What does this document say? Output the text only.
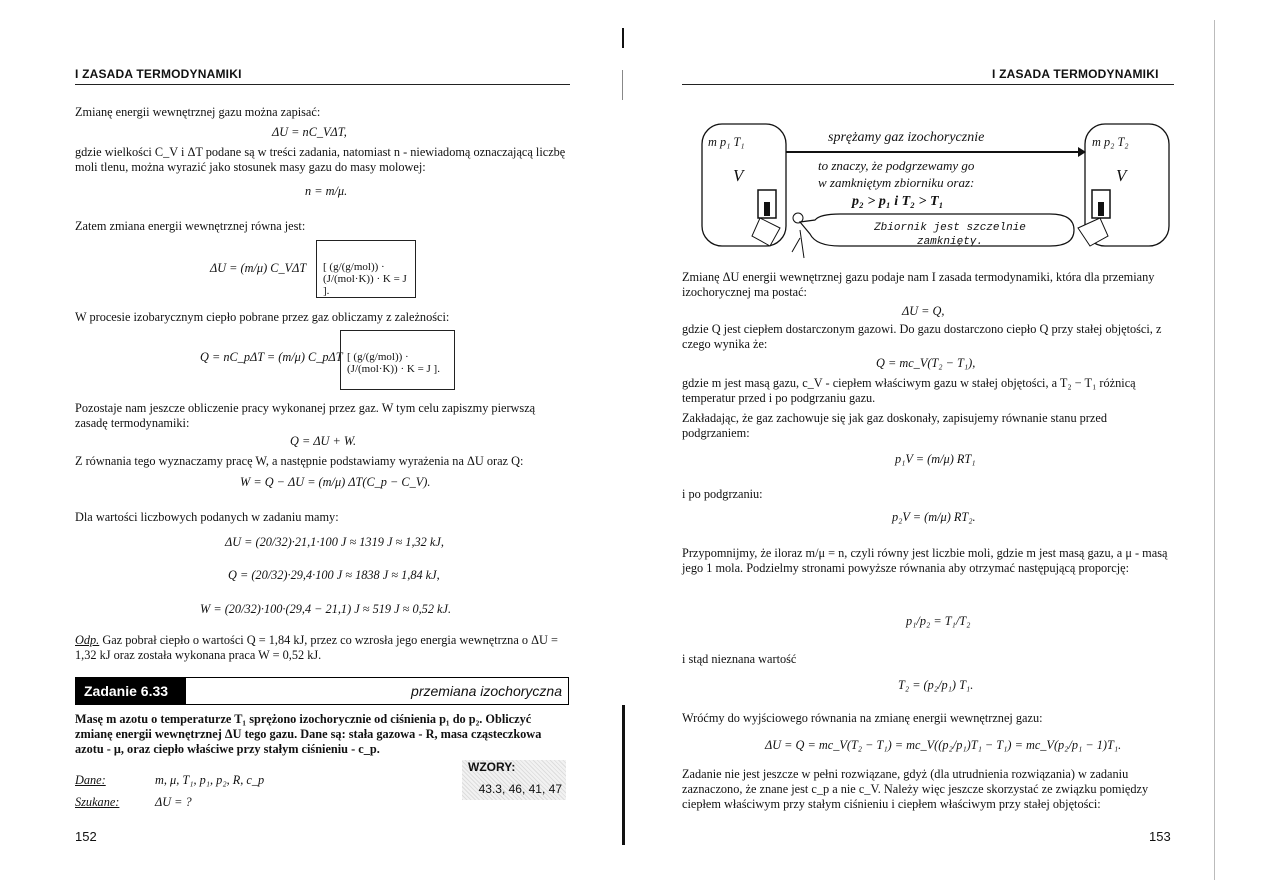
I ZASADA TERMODYNAMIKI
Zmianę energii wewnętrznej gazu można zapisać:
ΔU = nC_VΔT,
gdzie wielkości C_V i ΔT podane są w treści zadania, natomiast n - niewiadomą oznaczającą liczbę moli tlenu, można wyrazić jako stosunek masy gazu do masy molowej:
n = m/μ.
Zatem zmiana energii wewnętrznej równa jest:
ΔU = (m/μ) C_VΔT	[ (g/(g/mol)) · (J/(mol·K)) · K = J ].
W procesie izobarycznym ciepło pobrane przez gaz obliczamy z zależności:
Q = nC_pΔT = (m/μ) C_pΔT [ (g/(g/mol)) · (J/(mol·K)) · K = J ].
Pozostaje nam jeszcze obliczenie pracy wykonanej przez gaz. W tym celu zapiszmy pierwszą zasadę termodynamiki:
Q = ΔU + W.
Z równania tego wyznaczamy pracę W, a następnie podstawiamy wyrażenia na ΔU oraz Q:
W = Q − ΔU = (m/μ) ΔT(C_p − C_V).
Dla wartości liczbowych podanych w zadaniu mamy:
ΔU = (20/32)·21,1·100 J ≈ 1319 J ≈ 1,32 kJ,
Q = (20/32)·29,4·100 J ≈ 1838 J ≈ 1,84 kJ,
W = (20/32)·100·(29,4 − 21,1) J ≈ 519 J ≈ 0,52 kJ.
Odp. Gaz pobrał ciepło o wartości Q = 1,84 kJ, przez co wzrosła jego energia wewnętrzna o ΔU = 1,32 kJ oraz została wykonana praca W = 0,52 kJ.
Zadanie 6.33	przemiana izochoryczna
Masę m azotu o temperaturze T₁ sprężono izochorycznie od ciśnienia p₁ do p₂. Obliczyć zmianę energii wewnętrznej ΔU tego gazu. Dane są: stała gazowa - R, masa cząsteczkowa azotu - μ, oraz ciepło właściwe przy stałym ciśnieniu - c_p.
WZORY:
43.3, 46, 41, 47
Dane:	m, μ, T₁, p₁, p₂, R, c_p
Szukane:	ΔU = ?
152
I ZASADA TERMODYNAMIKI
m p₁ T₁
V
m p₂ T₂
V
sprężamy gaz izochorycznie
to znaczy, że podgrzewamy go
w zamkniętym zbiorniku oraz:
p₂ > p₁ i T₂ > T₁
Zbiornik jest szczelnie
zamknięty.
Zmianę ΔU energii wewnętrznej gazu podaje nam I zasada termodynamiki, która dla przemiany izochorycznej ma postać:
ΔU = Q,
gdzie Q jest ciepłem dostarczonym gazowi. Do gazu dostarczono ciepło Q przy stałej objętości, z czego wynika że:
Q = mc_V(T₂ − T₁),
gdzie m jest masą gazu, c_V - ciepłem właściwym gazu w stałej objętości, a T₂ − T₁ różnicą temperatur przed i po podgrzaniu gazu.
Zakładając, że gaz zachowuje się jak gaz doskonały, zapisujemy równanie stanu przed podgrzaniem:
p₁V = (m/μ) RT₁
i po podgrzaniu:
p₂V = (m/μ) RT₂.
Przypomnijmy, że iloraz m/μ = n, czyli równy jest liczbie moli, gdzie m jest masą gazu, a μ - masą jego 1 mola. Podzielmy stronami powyższe równania aby otrzymać następującą proporcję:
p₁/p₂ = T₁/T₂
i stąd nieznana wartość
T₂ = (p₂/p₁) T₁.
Wróćmy do wyjściowego równania na zmianę energii wewnętrznej gazu:
ΔU = Q = mc_V(T₂ − T₁) = mc_V((p₂/p₁)T₁ − T₁) = mc_V(p₂/p₁ − 1)T₁.
Zadanie nie jest jeszcze w pełni rozwiązane, gdyż (dla utrudnienia rozwiązania) w zadaniu zaznaczono, że znane jest c_p a nie c_V. Należy więc jeszcze skorzystać ze związku pomiędzy ciepłem właściwym przy stałym ciśnieniu i ciepłem właściwym przy stałej objętości:
153
